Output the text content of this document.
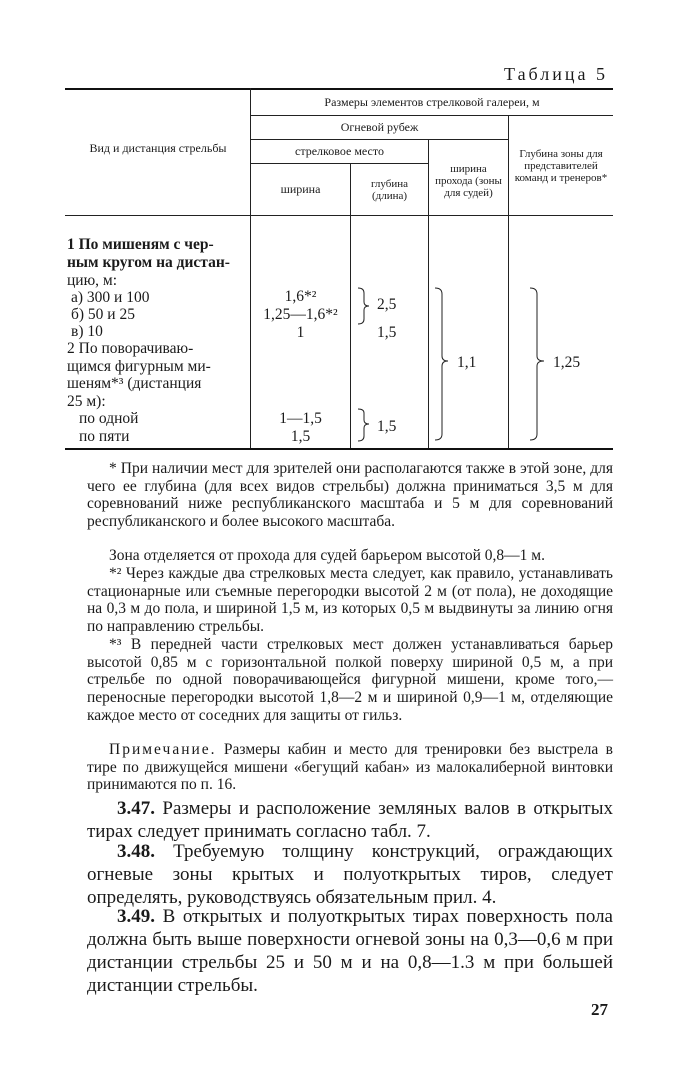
Таблица 5
Размеры элементов стрелковой галереи, м
Вид и дистанция стрельбы
Огневой рубеж
Глубина зоны для представителей команд и тренеров*
стрелковое место
ширина прохода (зоны для судей)
ширина	глубина (длина)
1 По мишеням с чер-
ным кругом на дистан-
цию, м:
а) 300 и 100
б) 50 и 25
в) 10
2 По поворачиваю-
щимся фигурным ми-
шеням*³ (дистанция
25 м):
по одной
по пяти
1,6*²
1,25—1,6*²
1
2,5
1,5
1,1	1,25
1—1,5
1,5
1,5
* При наличии мест для зрителей они располагаются также в этой зоне, для чего ее глубина (для всех видов стрельбы) должна приниматься 3,5 м для соревнований ниже республиканского масштаба и 5 м для соревнований республиканского и более высокого масштаба.
Зона отделяется от прохода для судей барьером высотой 0,8—1 м.
*² Через каждые два стрелковых места следует, как правило, устанавливать стационарные или съемные перегородки высотой 2 м (от пола), не доходящие на 0,3 м до пола, и шириной 1,5 м, из которых 0,5 м выдвинуты за линию огня по направлению стрельбы.
*³ В передней части стрелковых мест должен устанавливаться барьер высотой 0,85 м с горизонтальной полкой поверху шириной 0,5 м, а при стрельбе по одной поворачивающейся фигурной мишени, кроме того,— переносные перегородки высотой 1,8—2 м и шириной 0,9—1 м, отделяющие каждое место от соседних для защиты от гильз.
Примечание. Размеры кабин и место для тренировки без выстрела в тире по движущейся мишени «бегущий кабан» из малокалиберной винтовки принимаются по п. 16.
3.47. Размеры и расположение земляных валов в открытых тирах следует принимать согласно табл. 7.
3.48. Требуемую толщину конструкций, ограждающих огневые зоны крытых и полуоткрытых тиров, следует определять, руководствуясь обязательным прил. 4.
3.49. В открытых и полуоткрытых тирах поверхность пола должна быть выше поверхности огневой зоны на 0,3—0,6 м при дистанции стрельбы 25 и 50 м и на 0,8—1.3 м при большей дистанции стрельбы.
27
